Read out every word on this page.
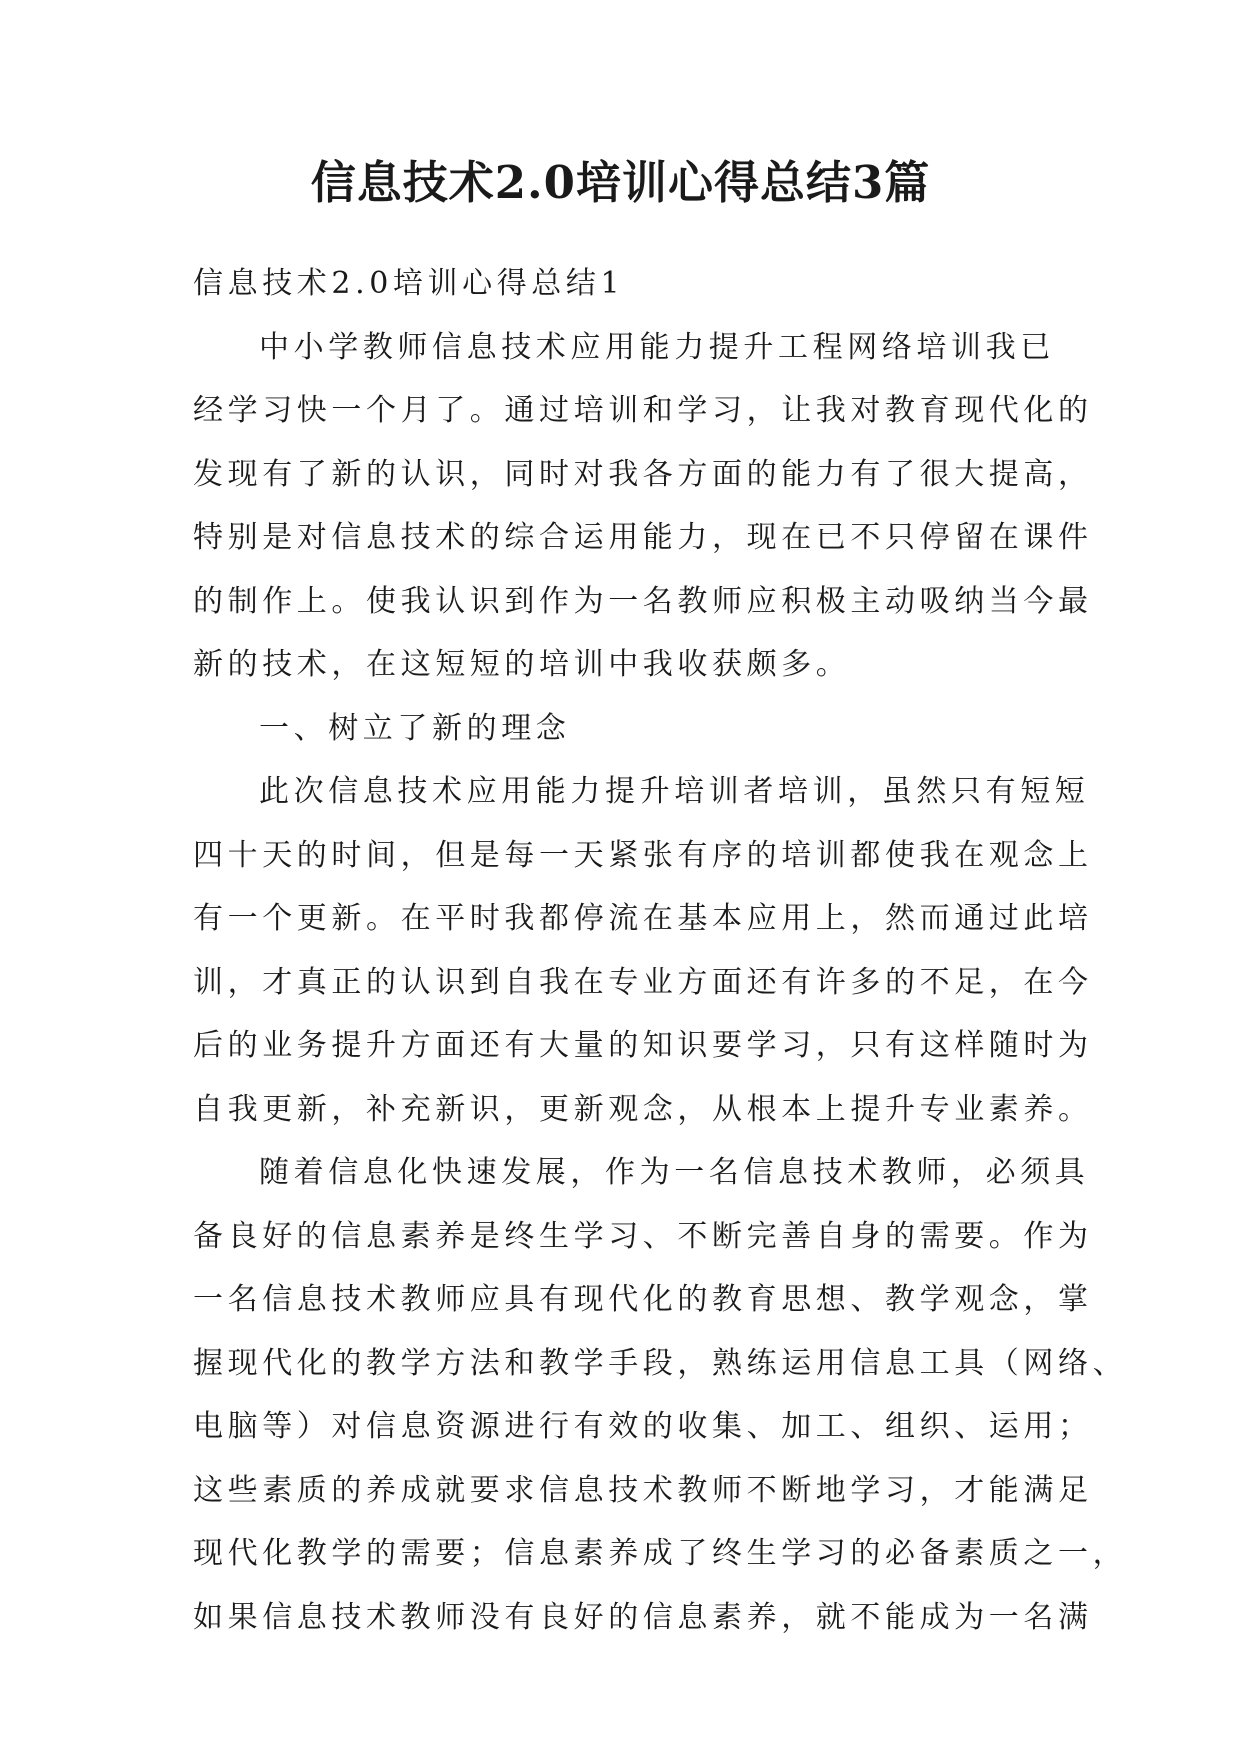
信息技术2.0培训心得总结3篇
信息技术2.0培训心得总结1
中小学教师信息技术应用能力提升工程网络培训我已
经学习快一个月了。通过培训和学习，让我对教育现代化的
发现有了新的认识，同时对我各方面的能力有了很大提高，
特别是对信息技术的综合运用能力，现在已不只停留在课件
的制作上。使我认识到作为一名教师应积极主动吸纳当今最
新的技术，在这短短的培训中我收获颇多。
一、树立了新的理念
此次信息技术应用能力提升培训者培训，虽然只有短短
四十天的时间，但是每一天紧张有序的培训都使我在观念上
有一个更新。在平时我都停流在基本应用上，然而通过此培
训，才真正的认识到自我在专业方面还有许多的不足，在今
后的业务提升方面还有大量的知识要学习，只有这样随时为
自我更新，补充新识，更新观念，从根本上提升专业素养。
随着信息化快速发展，作为一名信息技术教师，必须具
备良好的信息素养是终生学习、不断完善自身的需要。作为
一名信息技术教师应具有现代化的教育思想、教学观念，掌
握现代化的教学方法和教学手段，熟练运用信息工具（网络、
电脑等）对信息资源进行有效的收集、加工、组织、运用；
这些素质的养成就要求信息技术教师不断地学习，才能满足
现代化教学的需要；信息素养成了终生学习的必备素质之一，
如果信息技术教师没有良好的信息素养，就不能成为一名满
